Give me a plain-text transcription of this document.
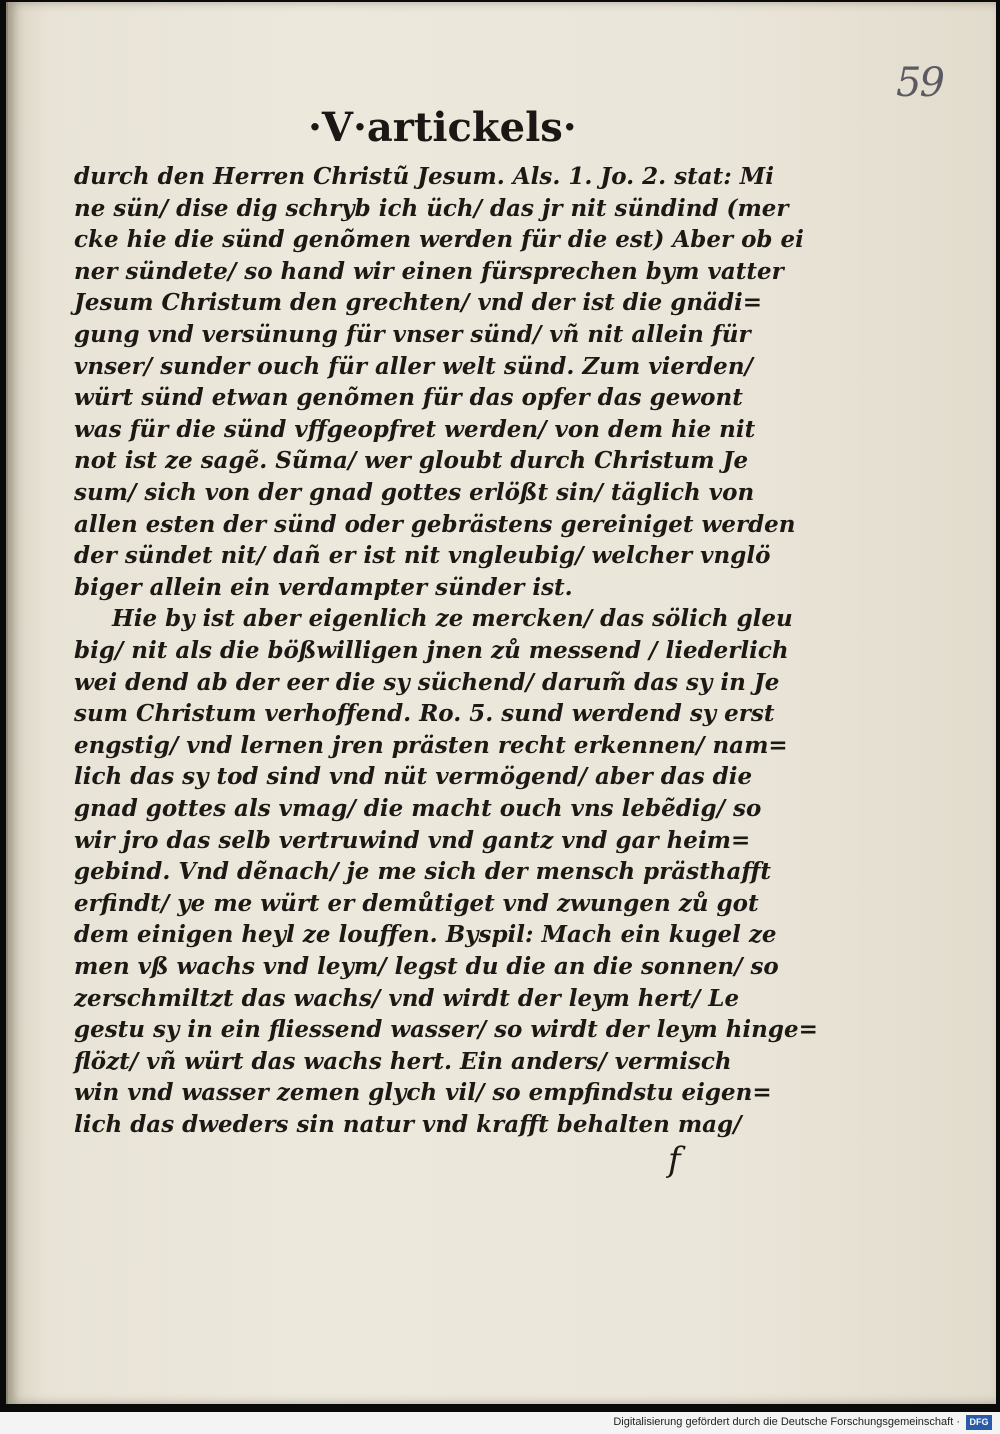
59
·V·artickels·
durch den Herren Christũ Jesum. Als. 1. Jo. 2. stat: Mi
ne sün/ dise dig schryb ich üch/ das jr nit sündind (mer
cke hie die sünd genõmen werden für die est) Aber ob ei
ner sündete/ so hand wir einen fürsprechen bym vatter
Jesum Christum den grechten/ vnd der ist die gnädi=
gung vnd versünung für vnser sünd/ vñ nit allein für
vnser/ sunder ouch für aller welt sünd. Zum vierden/
würt sünd etwan genõmen für das opfer das gewont
was für die sünd vffgeopfret werden/ von dem hie nit
not ist ze sagẽ. Sũma/ wer gloubt durch Christum Je
sum/ sich von der gnad gottes erlößt sin/ täglich von
allen esten der sünd oder gebrästens gereiniget werden
der sündet nit/ dañ er ist nit vngleubig/ welcher vnglö
biger allein ein verdampter sünder ist.
Hie by ist aber eigenlich ze mercken/ das sölich gleu
big/ nit als die bößwilligen jnen zů messend / liederlich
wei dend ab der eer die sy süchend/ darum̃ das sy in Je
sum Christum verhoffend. Ro. 5. sund werdend sy erst
engstig/ vnd lernen jren prästen recht erkennen/ nam=
lich das sy tod sind vnd nüt vermögend/ aber das die
gnad gottes als vmag/ die macht ouch vns lebẽdig/ so
wir jro das selb vertruwind vnd gantz vnd gar heim=
gebind. Vnd dẽnach/ je me sich der mensch prästhafft
erfindt/ ye me würt er demůtiget vnd zwungen zů got
dem einigen heyl ze louffen. Byspil: Mach ein kugel ze
men vß wachs vnd leym/ legst du die an die sonnen/ so
zerschmiltzt das wachs/ vnd wirdt der leym hert/ Le
gestu sy in ein fliessend wasser/ so wirdt der leym hinge=
flözt/ vñ würt das wachs hert. Ein anders/ vermisch
win vnd wasser zemen glych vil/ so empfindstu eigen=
lich das dweders sin natur vnd krafft behalten mag/
f
Digitalisierung gefördert durch die Deutsche Forschungsgemeinschaft ·	DFG
